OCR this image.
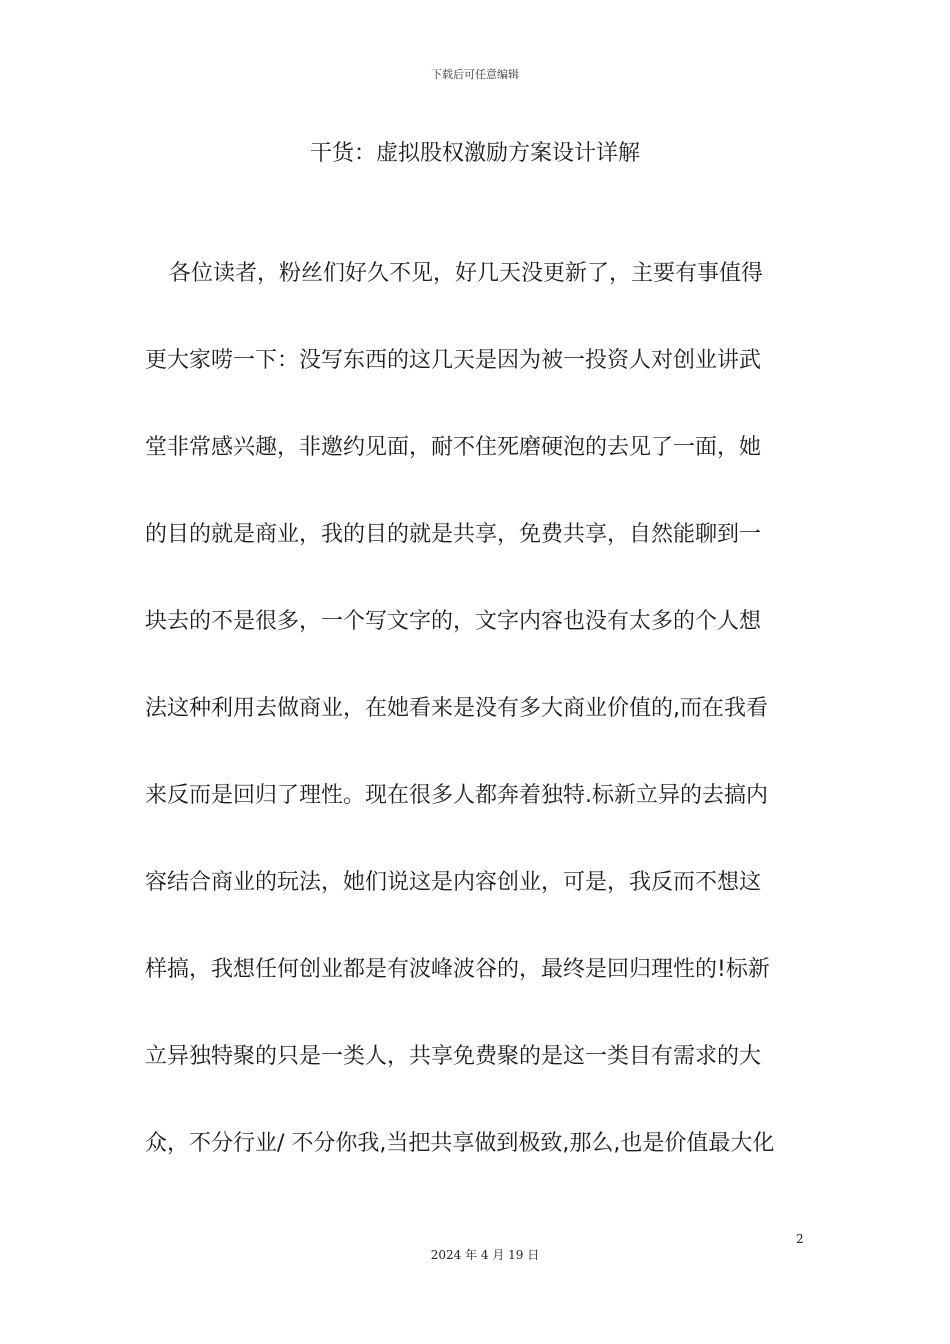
下载后可任意编辑
干货：虚拟股权激励方案设计详解
各位读者，粉丝们好久不见，好几天没更新了，主要有事值得
更大家唠一下：没写东西的这几天是因为被一投资人对创业讲武
堂非常感兴趣，非邀约见面，耐不住死磨硬泡的去见了一面，她
的目的就是商业，我的目的就是共享，免费共享，自然能聊到一
块去的不是很多，一个写文字的，文字内容也没有太多的个人想
法这种利用去做商业，在她看来是没有多大商业价值的,而在我看
来反而是回归了理性。现在很多人都奔着独特.标新立异的去搞内
容结合商业的玩法，她们说这是内容创业，可是，我反而不想这
样搞，我想任何创业都是有波峰波谷的，最终是回归理性的!标新
立异独特聚的只是一类人，共享免费聚的是这一类目有需求的大
众，不分行业/ 不分你我,当把共享做到极致,那么,也是价值最大化
2
2024 年 4 月 19 日
